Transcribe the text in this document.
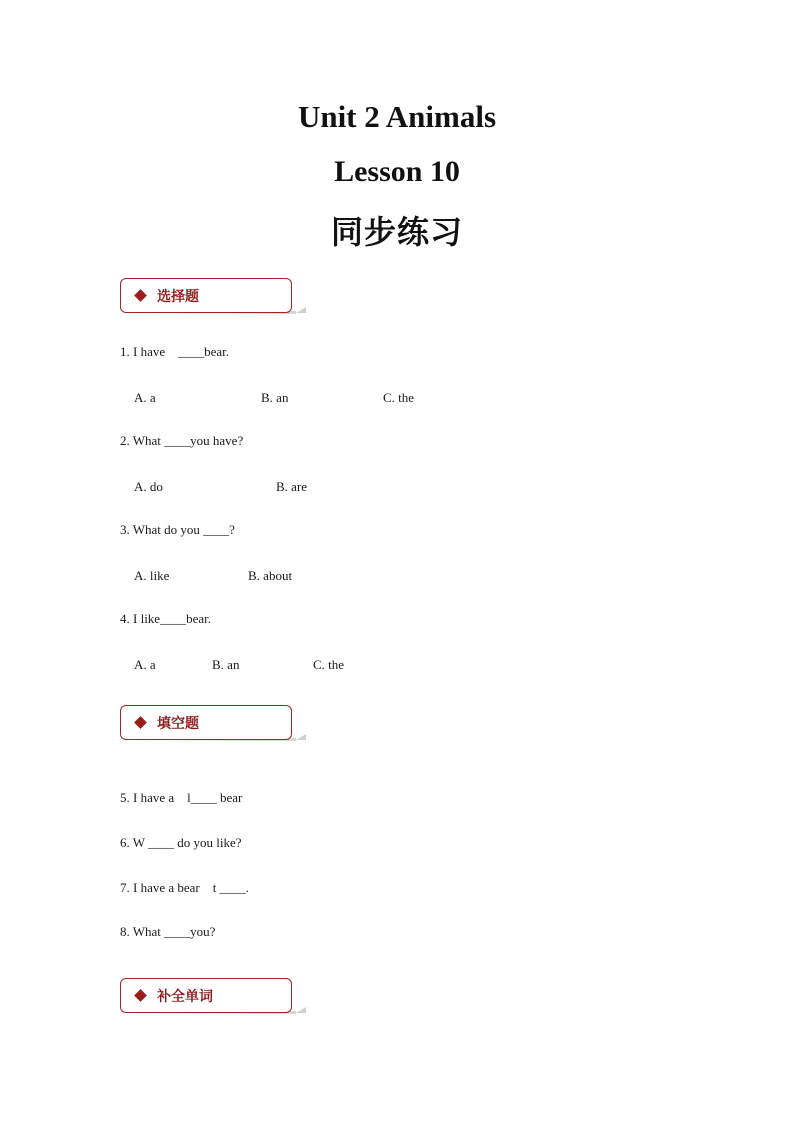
Unit 2 Animals
Lesson 10
同步练习
选择题
1. I have    ____bear.
A. a	B. an	C. the
2. What ____you have?
A. do	B. are
3. What do you ____?
A. like	B. about
4. I like____bear.
A. a	B. an	C. the
填空题
5. I have a    l____ bear
6. W ____ do you like?
7. I have a bear    t ____.
8. What ____you?
补全单词
